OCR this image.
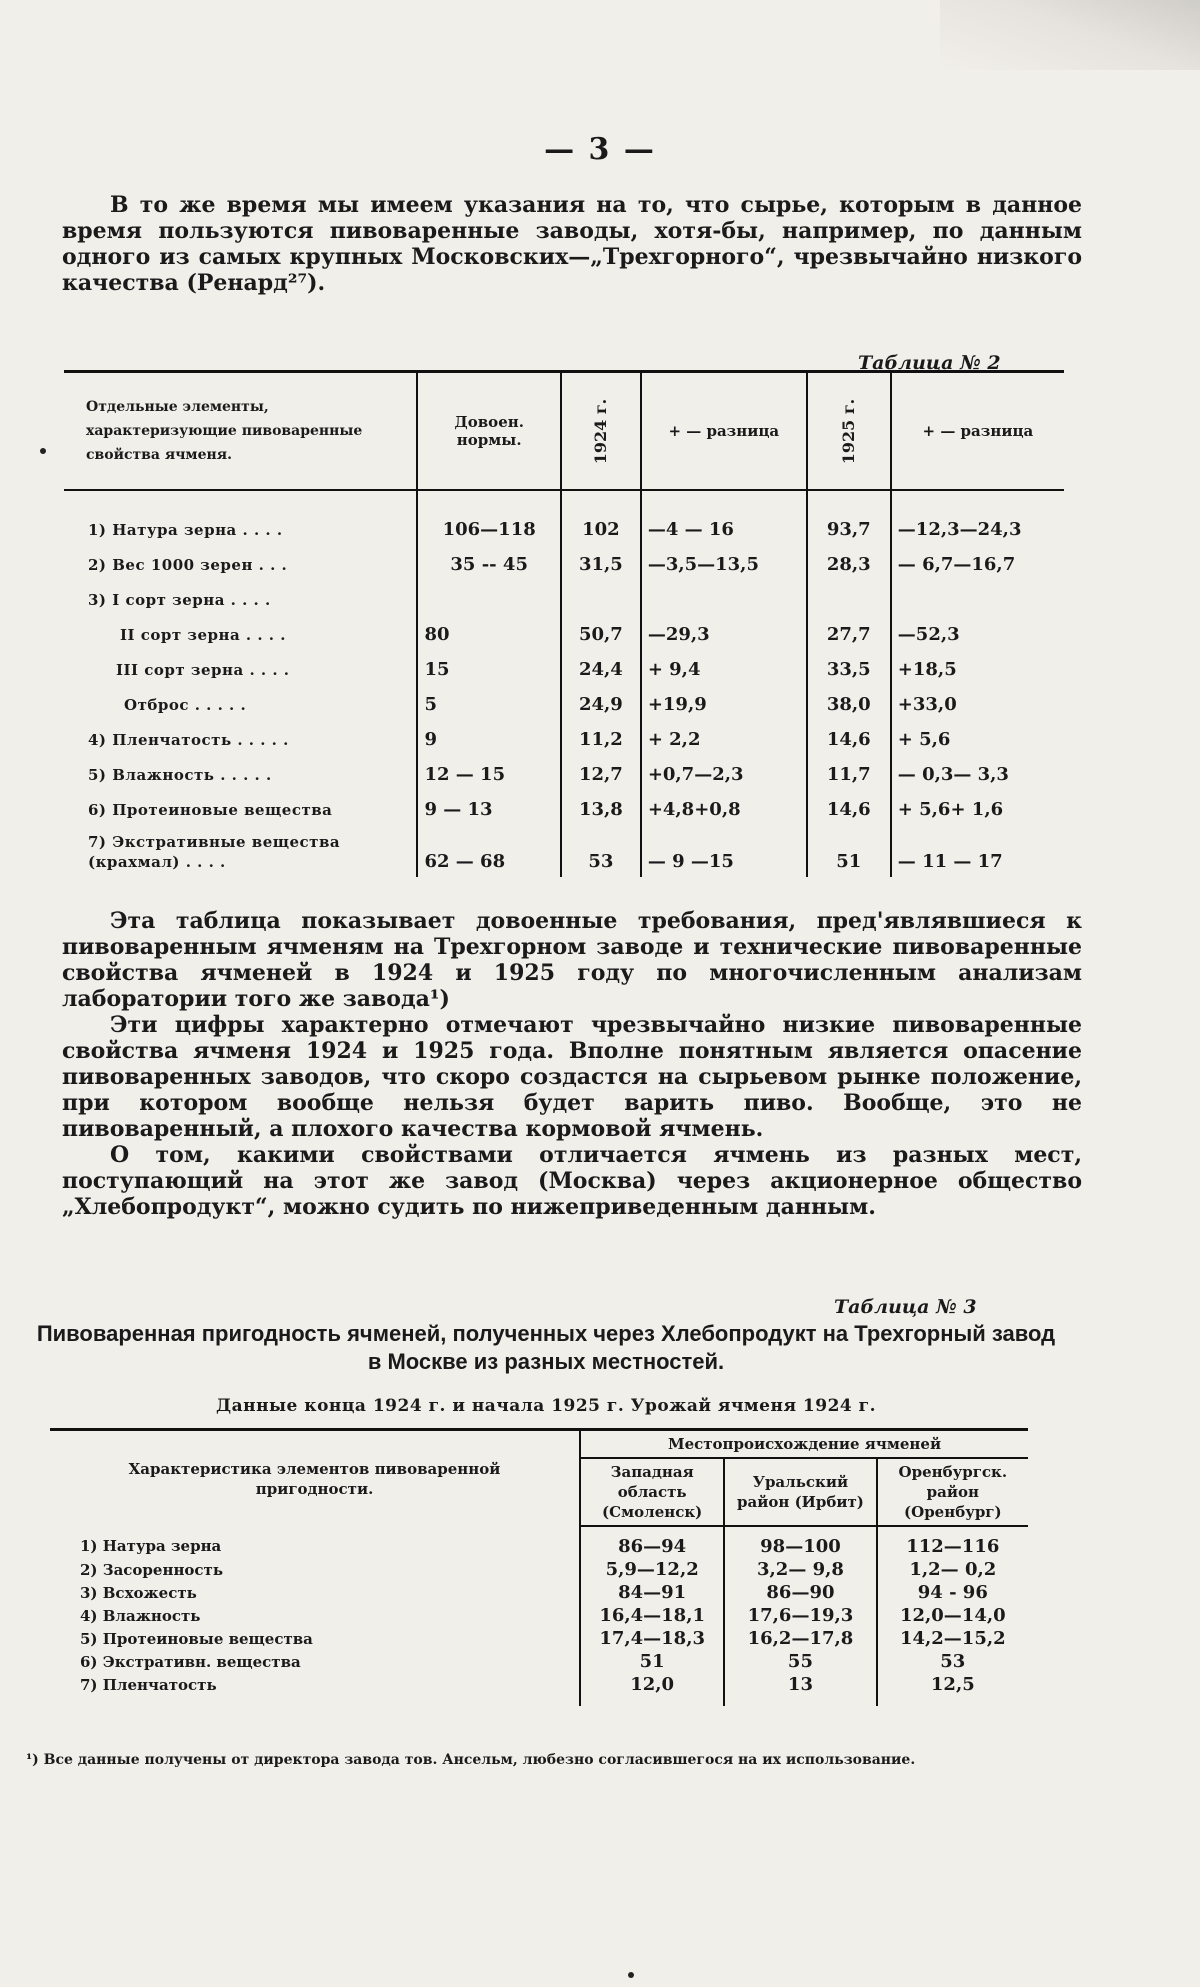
— 3 —

В то же время мы имеем указания на то, что сырье, которым в данное время пользуются пивоваренные заводы, хотя-бы, например, по данным одного из самых крупных Московских—„Трехгорного“, чрезвычайно низкого качества (Ренард²⁷).

Таблица № 2
Отдельные элементы, характеризующие пивоваренные свойства ячменя.	Довоен. нормы.	1924 г.	+ — разница	1925 г.	+ — разница
1) Натура зерна . . . .	106—118	102	—4 — 16	93,7	—12,3—24,3
2) Вес 1000 зерен . . .	35 -- 45	31,5	—3,5—13,5	28,3	— 6,7—16,7
3) I сорт зерна . . . .					
II сорт зерна . . . .	80	50,7	—29,3	27,7	—52,3
III сорт зерна . . . .	15	24,4	+ 9,4	33,5	+18,5
Отброс . . . . .	5	24,9	+19,9	38,0	+33,0
4) Пленчатость . . . . .	9	11,2	+ 2,2	14,6	+ 5,6
5) Влажность . . . . .	12 — 15	12,7	+0,7—2,3	11,7	— 0,3— 3,3
6) Протеиновые вещества	9 — 13	13,8	+4,8+0,8	14,6	+ 5,6+ 1,6
7) Экстративные вещества (крахмал) . . . .	62 — 68	53	— 9 —15	51	— 11 — 17

Эта таблица показывает довоенные требования, пред'являвшиеся к пивоваренным ячменям на Трехгорном заводе и технические пивоваренные свойства ячменей в 1924 и 1925 году по многочисленным анализам лаборатории того же завода¹)

Эти цифры характерно отмечают чрезвычайно низкие пивоваренные свойства ячменя 1924 и 1925 года. Вполне понятным является опасение пивоваренных заводов, что скоро создастся на сырьевом рынке положение, при котором вообще нельзя будет варить пиво. Вообще, это не пивоваренный, а плохого качества кормовой ячмень.

О том, какими свойствами отличается ячмень из разных мест, поступающий на этот же завод (Москва) через акционерное общество „Хлебопродукт“, можно судить по нижеприведенным данным.

Таблица № 3
Пивоваренная пригодность ячменей, полученных через Хлебопродукт на Трехгорный завод в Москве из разных местностей.
Данные конца 1924 г. и начала 1925 г. Урожай ячменя 1924 г.
Характеристика элементов пивоваренной пригодности.	Местопроисхождение ячменей		
	Западная область (Смоленск)	Уральский район (Ирбит)	Оренбургск. район (Оренбург)
1) Натура зерна	86—94	98—100	112—116
2) Засоренность	5,9—12,2	3,2— 9,8	1,2— 0,2
3) Всхожесть	84—91	86—90	94 - 96
4) Влажность	16,4—18,1	17,6—19,3	12,0—14,0
5) Протеиновые вещества	17,4—18,3	16,2—17,8	14,2—15,2
6) Экстративн. вещества	51	55	53
7) Пленчатость	12,0	13	12,5
¹) Все данные получены от директора завода тов. Ансельм, любезно согласившегося на их использование.
